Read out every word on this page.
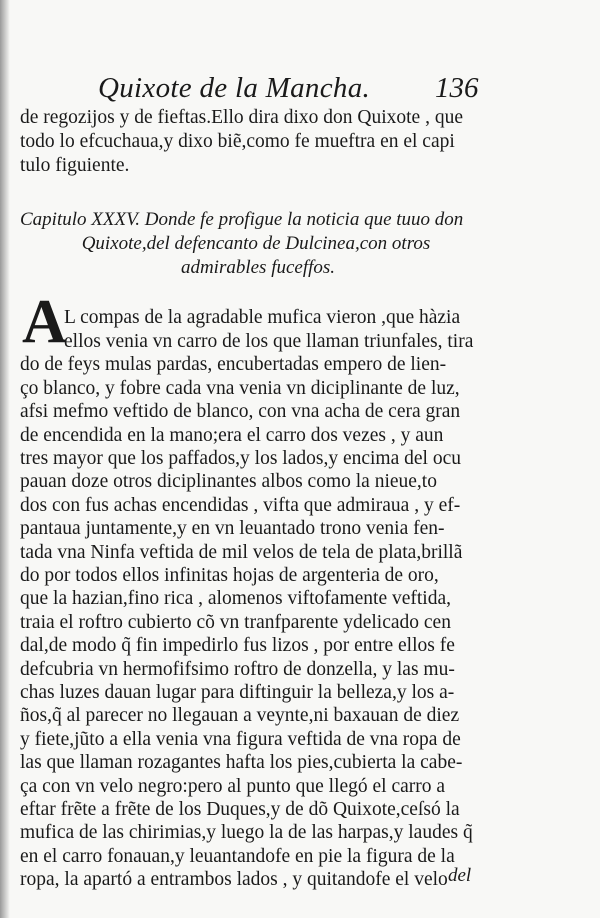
Quixote de la Mancha. 136
de regozijos y de fieftas.Ello dira dixo don Quixote , que
todo lo efcuchaua,y dixo biẽ,como fe mueftra en el capi
tulo figuiente.
Capitulo XXXV. Donde fe profigue la noticia que tuuo don
Quixote,del defencanto de Dulcinea,con otros
admirables fuceffos.
A
L compas de la agradable mufica vieron ,que hàzia
ellos venia vn carro de los que llaman triunfales, tira
do de feys mulas pardas, encubertadas empero de lien-
ço blanco, y fobre cada vna venia vn diciplinante de luz,
afsi mefmo veftido de blanco, con vna acha de cera gran
de encendida en la mano;era el carro dos vezes , y aun
tres mayor que los paffados,y los lados,y encima del ocu
pauan doze otros diciplinantes albos como la nieue,to
dos con fus achas encendidas , vifta que admiraua , y ef-
pantaua juntamente,y en vn leuantado trono venia fen-
tada vna Ninfa veftida de mil velos de tela de plata,brillã
do por todos ellos infinitas hojas de argenteria de oro,
que la hazian,fino rica , alomenos viftofamente veftida,
traia el roftro cubierto cõ vn tranfparente ydelicado cen
dal,de modo q̃ fin impedirlo fus lizos , por entre ellos fe
defcubria vn hermofifsimo roftro de donzella, y las mu-
chas luzes dauan lugar para diftinguir la belleza,y los a-
ños,q̃ al parecer no llegauan a veynte,ni baxauan de diez
y fiete,jũto a ella venia vna figura veftida de vna ropa de
las que llaman rozagantes hafta los pies,cubierta la cabe-
ça con vn velo negro:pero al punto que llegó el carro a
eftar frẽte a frẽte de los Duques,y de dõ Quixote,ceſsó la
mufica de las chirimias,y luego la de las harpas,y laudes q̃
en el carro fonauan,y leuantandofe en pie la figura de la
ropa, la apartó a entrambos lados , y quitandofe el velo del
